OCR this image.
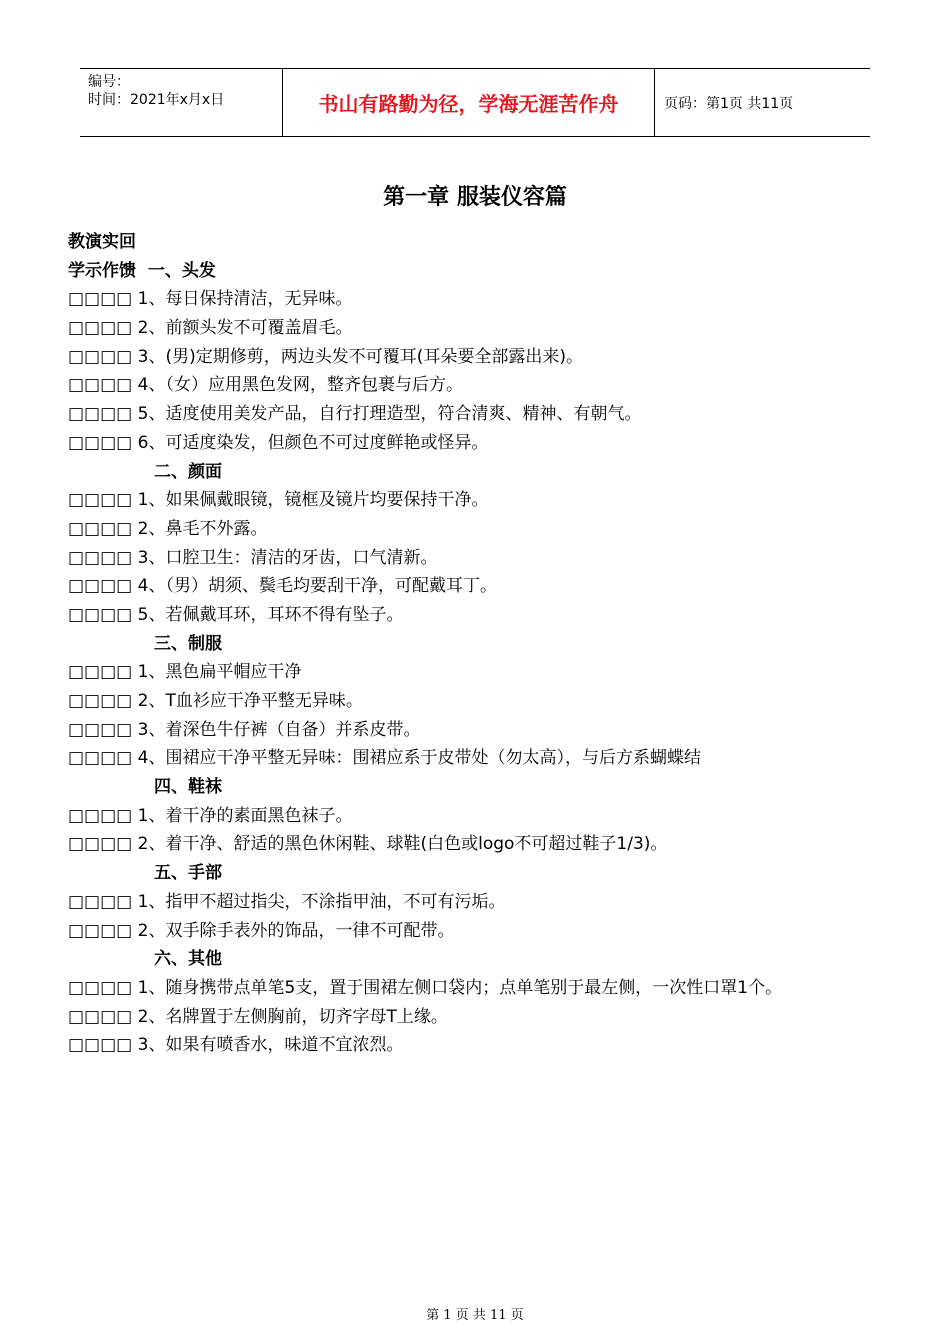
编号：
时间：2021年x月x日	书山有路勤为径，学海无涯苦作舟	页码：第1页 共11页
第一章 服装仪容篇
教演实回
学示作馈 一、头发
□□□□ 1、每日保持清洁，无异味。
□□□□ 2、前额头发不可覆盖眉毛。
□□□□ 3、(男)定期修剪，两边头发不可覆耳(耳朵要全部露出来)。
□□□□ 4、（女）应用黑色发网，整齐包裹与后方。
□□□□ 5、适度使用美发产品，自行打理造型，符合清爽、精神、有朝气。
□□□□ 6、可适度染发，但颜色不可过度鲜艳或怪异。
二、颜面
□□□□ 1、如果佩戴眼镜，镜框及镜片均要保持干净。
□□□□ 2、鼻毛不外露。
□□□□ 3、口腔卫生：清洁的牙齿，口气清新。
□□□□ 4、（男）胡须、鬓毛均要刮干净，可配戴耳丁。
□□□□ 5、若佩戴耳环，耳环不得有坠子。
三、制服
□□□□ 1、黑色扁平帽应干净
□□□□ 2、T血衫应干净平整无异味。
□□□□ 3、着深色牛仔裤（自备）并系皮带。
□□□□ 4、围裙应干净平整无异味：围裙应系于皮带处（勿太高），与后方系蝴蝶结
四、鞋袜
□□□□ 1、着干净的素面黑色袜子。
□□□□ 2、着干净、舒适的黑色休闲鞋、球鞋(白色或logo不可超过鞋子1/3)。
五、手部
□□□□ 1、指甲不超过指尖，不涂指甲油，不可有污垢。
□□□□ 2、双手除手表外的饰品，一律不可配带。
六、其他
□□□□ 1、随身携带点单笔5支，置于围裙左侧口袋内；点单笔别于最左侧，一次性口罩1个。
□□□□ 2、名牌置于左侧胸前，切齐字母T上缘。
□□□□ 3、如果有喷香水，味道不宜浓烈。
第 1 页 共 11 页
